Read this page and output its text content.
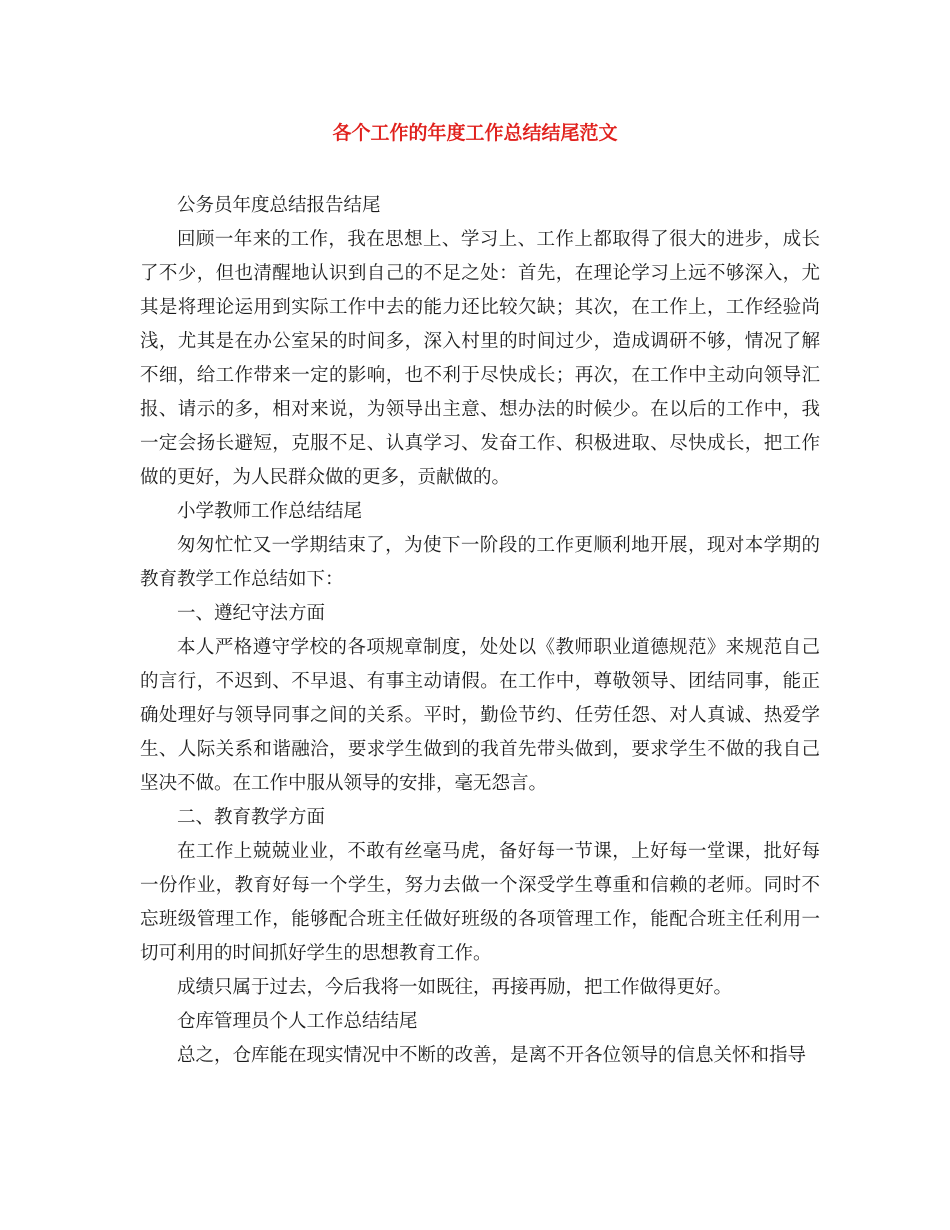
各个工作的年度工作总结结尾范文

公务员年度总结报告结尾

回顾一年来的工作，我在思想上、学习上、工作上都取得了很大的进步，成长了不少，但也清醒地认识到自己的不足之处：首先，在理论学习上远不够深入，尤其是将理论运用到实际工作中去的能力还比较欠缺；其次，在工作上，工作经验尚浅，尤其是在办公室呆的时间多，深入村里的时间过少，造成调研不够，情况了解不细，给工作带来一定的影响，也不利于尽快成长；再次，在工作中主动向领导汇报、请示的多，相对来说，为领导出主意、想办法的时候少。在以后的工作中，我一定会扬长避短，克服不足、认真学习、发奋工作、积极进取、尽快成长，把工作做的更好，为人民群众做的更多，贡献做的。

小学教师工作总结结尾

匆匆忙忙又一学期结束了，为使下一阶段的工作更顺利地开展，现对本学期的教育教学工作总结如下：

一、遵纪守法方面

本人严格遵守学校的各项规章制度，处处以《教师职业道德规范》来规范自己的言行，不迟到、不早退、有事主动请假。在工作中，尊敬领导、团结同事，能正确处理好与领导同事之间的关系。平时，勤俭节约、任劳任怨、对人真诚、热爱学生、人际关系和谐融洽，要求学生做到的我首先带头做到，要求学生不做的我自己坚决不做。在工作中服从领导的安排，毫无怨言。

二、教育教学方面

在工作上兢兢业业，不敢有丝毫马虎，备好每一节课，上好每一堂课，批好每一份作业，教育好每一个学生，努力去做一个深受学生尊重和信赖的老师。同时不忘班级管理工作，能够配合班主任做好班级的各项管理工作，能配合班主任利用一切可利用的时间抓好学生的思想教育工作。

成绩只属于过去，今后我将一如既往，再接再励，把工作做得更好。

仓库管理员个人工作总结结尾

总之，仓库能在现实情况中不断的改善，是离不开各位领导的信息关怀和指导
